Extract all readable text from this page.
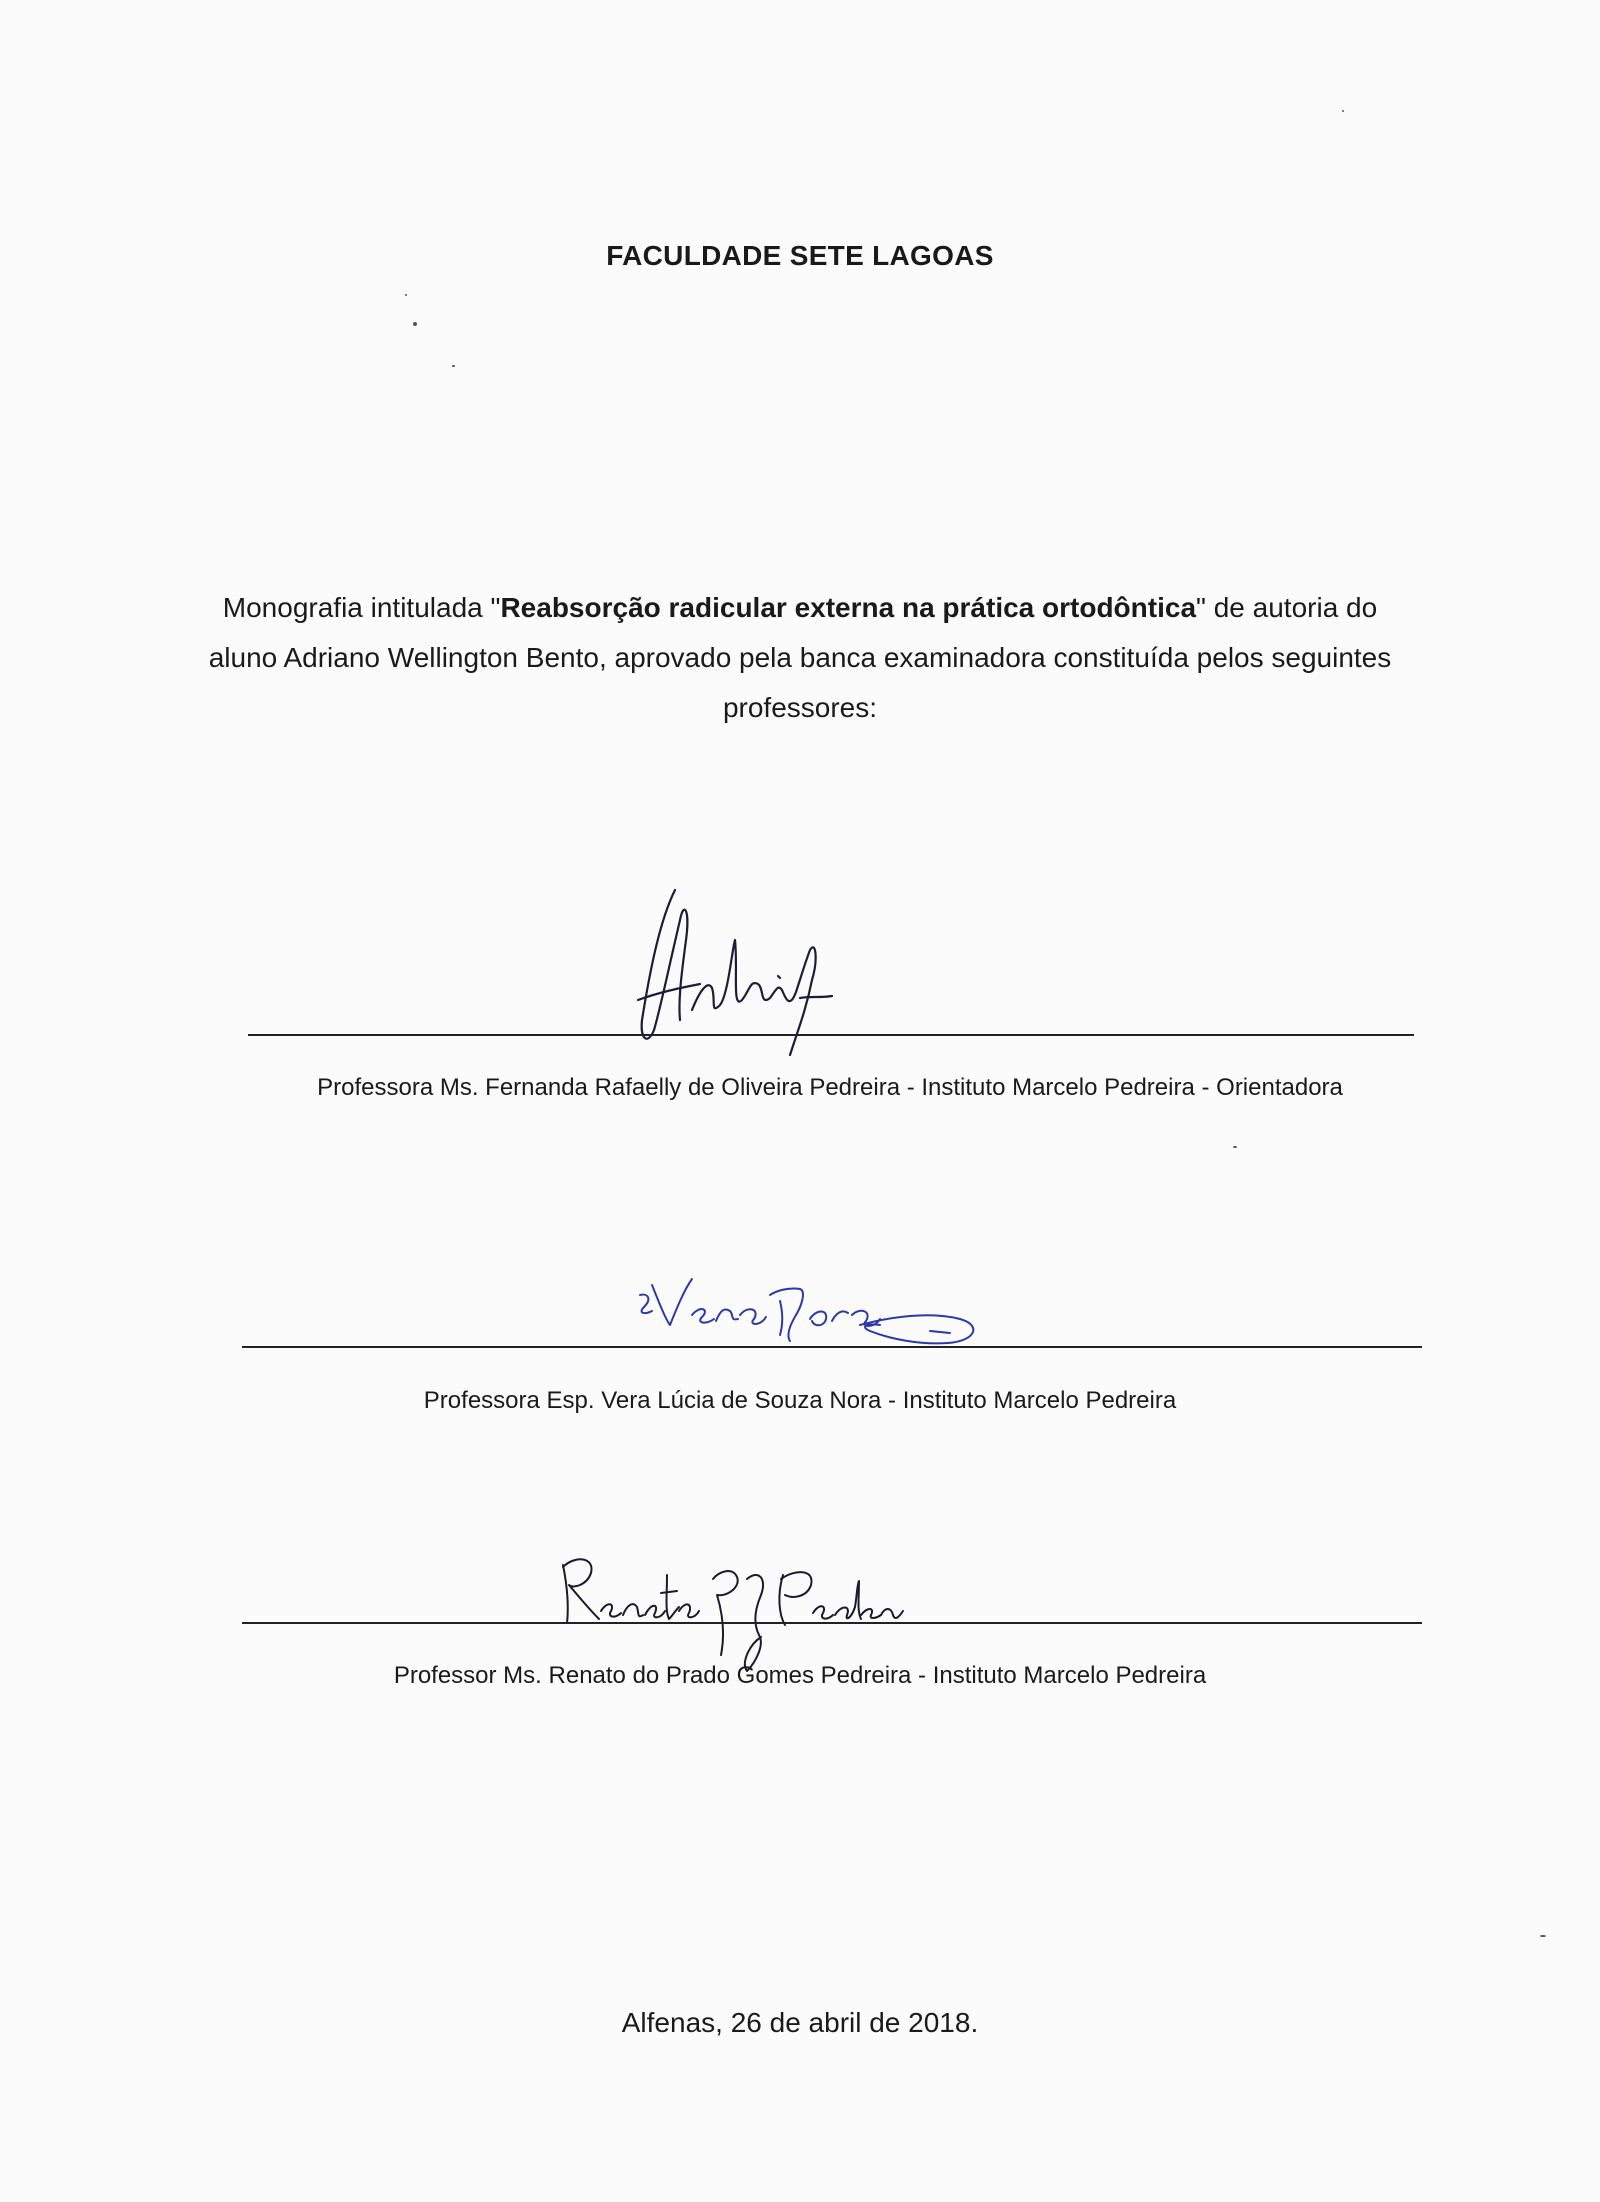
FACULDADE SETE LAGOAS
Monografia intitulada "Reabsorção radicular externa na prática ortodôntica" de autoria do aluno Adriano Wellington Bento, aprovado pela banca examinadora constituída pelos seguintes professores:
Professora Ms. Fernanda Rafaelly de Oliveira Pedreira - Instituto Marcelo Pedreira - Orientadora
Professora Esp. Vera Lúcia de Souza Nora - Instituto Marcelo Pedreira
Professor Ms. Renato do Prado Gomes Pedreira - Instituto Marcelo Pedreira
Alfenas, 26 de abril de 2018.
